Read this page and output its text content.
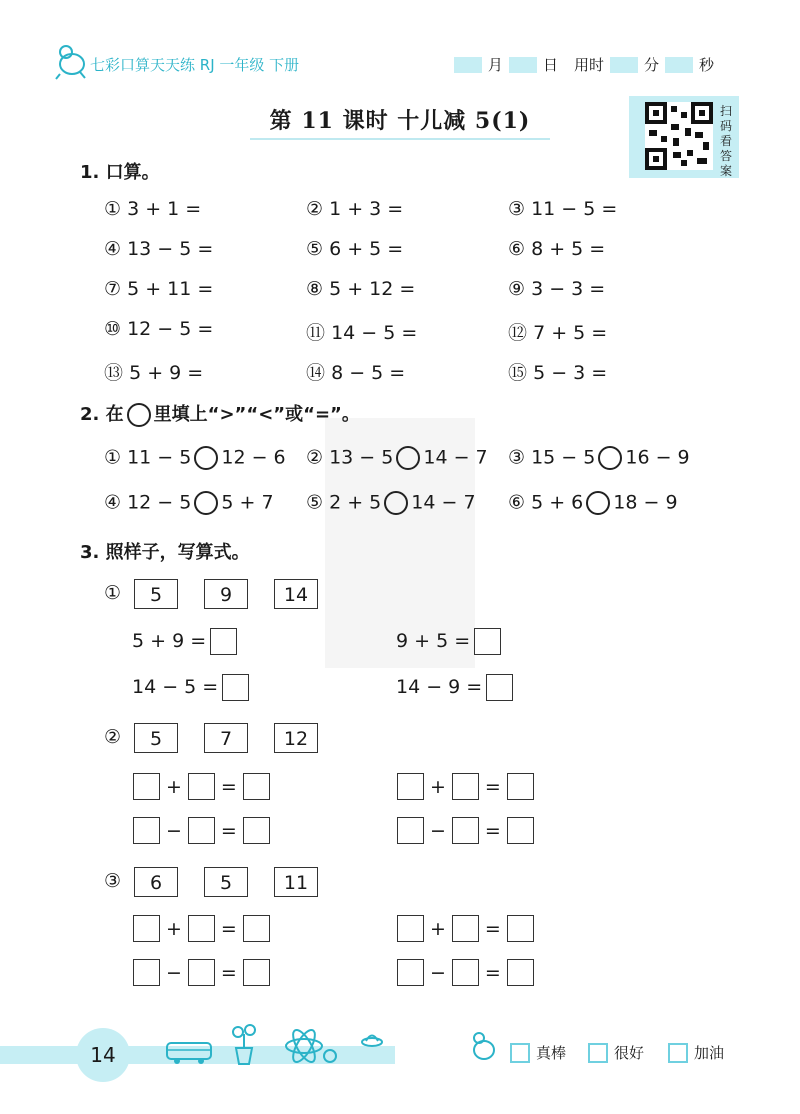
七彩口算天天练 RJ 一年级 下册	月	日 用时	分	秒
第 11 课时 十儿减 5(1)	扫
码
看
答
案
1. 口算。
① 3 + 1 =	② 1 + 3 =	③ 11 − 5 =
④ 13 − 5 =	⑤ 6 + 5 =	⑥ 8 + 5 =
⑦ 5 + 11 =	⑧ 5 + 12 =	⑨ 3 − 3 =
⑩ 12 − 5 =	⑪ 14 − 5 =	⑫ 7 + 5 =
⑬ 5 + 9 =	⑭ 8 − 5 =	⑮ 5 − 3 =
2. 在 里填上“>”“<”或“=”。
① 11 − 5 12 − 6 ② 13 − 5 14 − 7 ③ 15 − 5 16 − 9
④ 12 − 5 5 + 7 ⑤ 2 + 5 14 − 7 ⑥ 5 + 6 18 − 9
3. 照样子，写算式。
①	5	9	14
5 + 9 =	9 + 5 =
14 − 5 =	14 − 9 =
②	5	7	12
+ =	+ =
− =	− =
③	6	5	11
+ =	+ =
− =	− =
14	真棒	很好	加油
